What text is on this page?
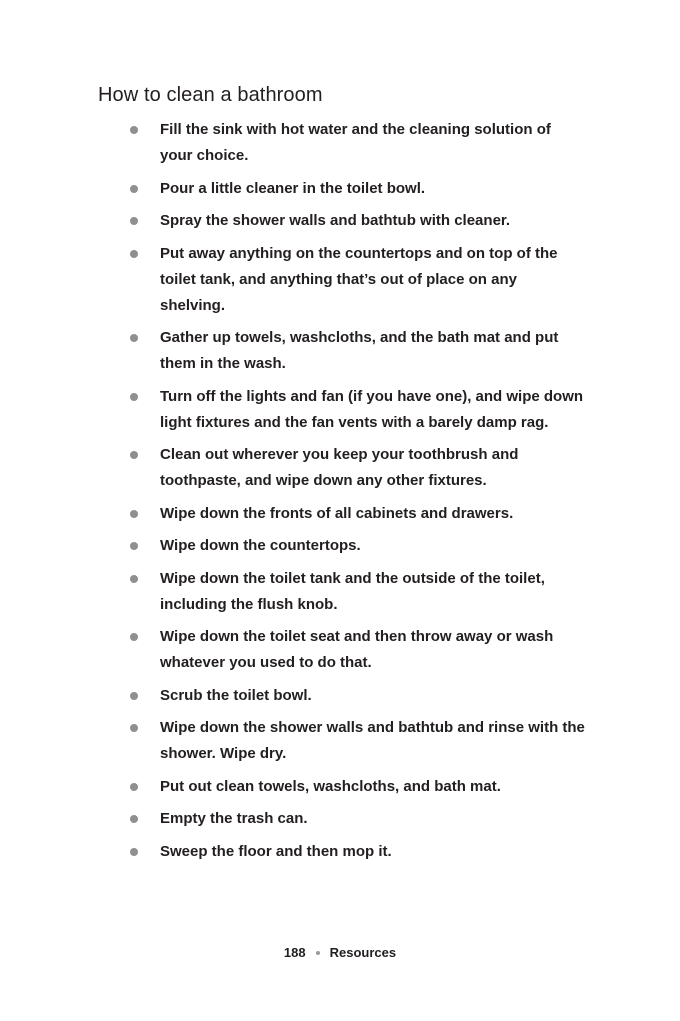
How to clean a bathroom
Fill the sink with hot water and the cleaning solution of your choice.
Pour a little cleaner in the toilet bowl.
Spray the shower walls and bathtub with cleaner.
Put away anything on the countertops and on top of the toilet tank, and anything that’s out of place on any shelving.
Gather up towels, washcloths, and the bath mat and put them in the wash.
Turn off the lights and fan (if you have one), and wipe down light fixtures and the fan vents with a barely damp rag.
Clean out wherever you keep your toothbrush and toothpaste, and wipe down any other fixtures.
Wipe down the fronts of all cabinets and drawers.
Wipe down the countertops.
Wipe down the toilet tank and the outside of the toilet, including the flush knob.
Wipe down the toilet seat and then throw away or wash whatever you used to do that.
Scrub the toilet bowl.
Wipe down the shower walls and bathtub and rinse with the shower. Wipe dry.
Put out clean towels, washcloths, and bath mat.
Empty the trash can.
Sweep the floor and then mop it.
188 Resources
